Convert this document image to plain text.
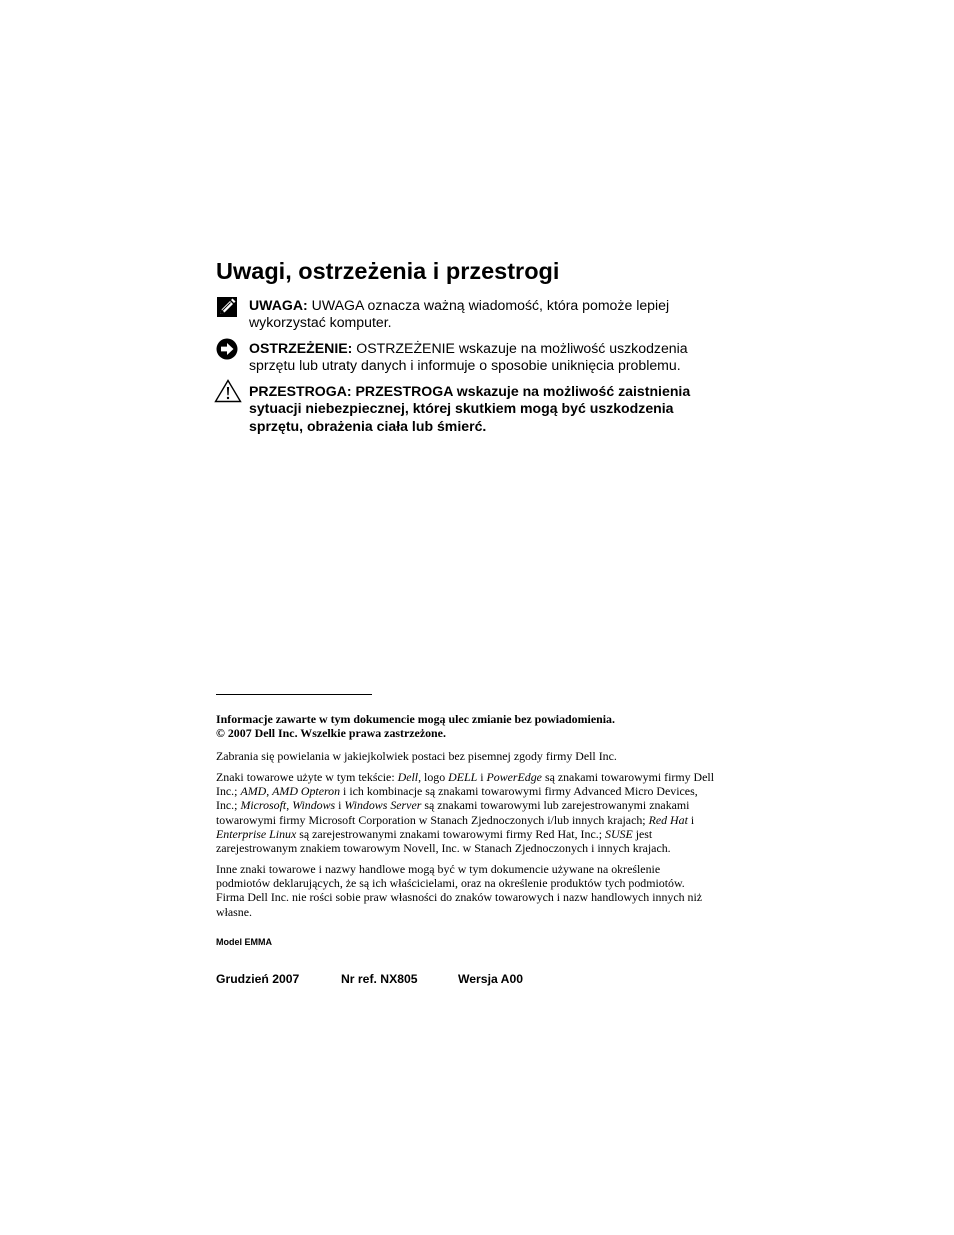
Uwagi, ostrzeżenia i przestrogi

UWAGA: UWAGA oznacza ważną wiadomość, która pomoże lepiej wykorzystać komputer.

OSTRZEŻENIE: OSTRZEŻENIE wskazuje na możliwość uszkodzenia sprzętu lub utraty danych i informuje o sposobie uniknięcia problemu.

PRZESTROGA: PRZESTROGA wskazuje na możliwość zaistnienia sytuacji niebezpiecznej, której skutkiem mogą być uszkodzenia sprzętu, obrażenia ciała lub śmierć.

Informacje zawarte w tym dokumencie mogą ulec zmianie bez powiadomienia.

© 2007 Dell Inc. Wszelkie prawa zastrzeżone.

Zabrania się powielania w jakiejkolwiek postaci bez pisemnej zgody firmy Dell Inc.

Znaki towarowe użyte w tym tekście: Dell, logo DELL i PowerEdge są znakami towarowymi firmy Dell Inc.; AMD, AMD Opteron i ich kombinacje są znakami towarowymi firmy Advanced Micro Devices, Inc.; Microsoft, Windows i Windows Server są znakami towarowymi lub zarejestrowanymi znakami towarowymi firmy Microsoft Corporation w Stanach Zjednoczonych i/lub innych krajach; Red Hat i Enterprise Linux są zarejestrowanymi znakami towarowymi firmy Red Hat, Inc.; SUSE jest zarejestrowanym znakiem towarowym Novell, Inc. w Stanach Zjednoczonych i innych krajach.

Inne znaki towarowe i nazwy handlowe mogą być w tym dokumencie używane na określenie podmiotów deklarujących, że są ich właścicielami, oraz na określenie produktów tych podmiotów. Firma Dell Inc. nie rości sobie praw własności do znaków towarowych i nazw handlowych innych niż własne.

Model EMMA

Grudzień 2007	Nr ref. NX805	Wersja A00
